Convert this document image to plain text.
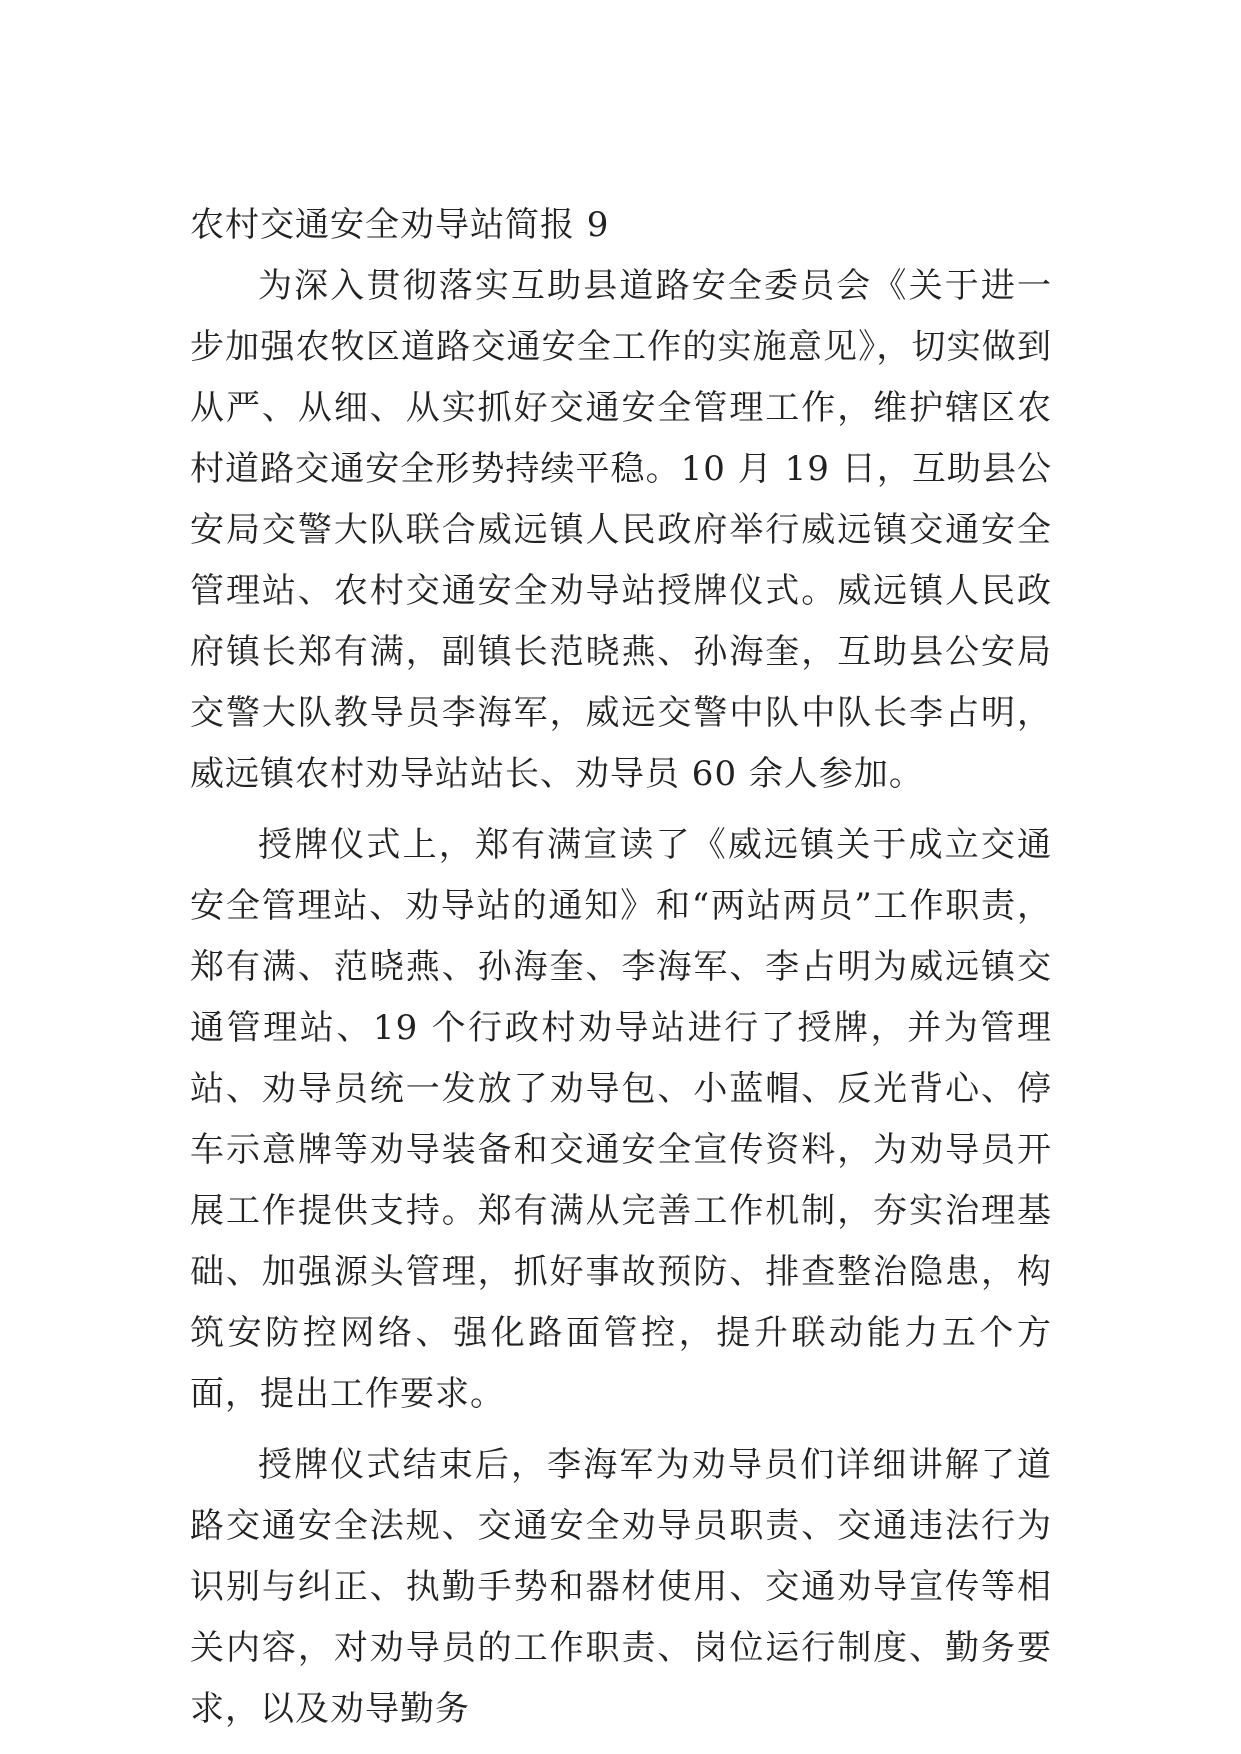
农村交通安全劝导站简报 9

为深入贯彻落实互助县道路安全委员会《关于进一步加强农牧区道路交通安全工作的实施意见》，切实做到从严、从细、从实抓好交通安全管理工作，维护辖区农村道路交通安全形势持续平稳。10 月 19 日，互助县公安局交警大队联合威远镇人民政府举行威远镇交通安全管理站、农村交通安全劝导站授牌仪式。威远镇人民政府镇长郑有满，副镇长范晓燕、孙海奎，互助县公安局交警大队教导员李海军，威远交警中队中队长李占明，威远镇农村劝导站站长、劝导员 60 余人参加。

授牌仪式上，郑有满宣读了《威远镇关于成立交通安全管理站、劝导站的通知》和“两站两员”工作职责，郑有满、范晓燕、孙海奎、李海军、李占明为威远镇交通管理站、19 个行政村劝导站进行了授牌，并为管理站、劝导员统一发放了劝导包、小蓝帽、反光背心、停车示意牌等劝导装备和交通安全宣传资料，为劝导员开展工作提供支持。郑有满从完善工作机制，夯实治理基础、加强源头管理，抓好事故预防、排查整治隐患，构筑安防控网络、强化路面管控，提升联动能力五个方面，提出工作要求。

授牌仪式结束后，李海军为劝导员们详细讲解了道路交通安全法规、交通安全劝导员职责、交通违法行为识别与纠正、执勤手势和器材使用、交通劝导宣传等相关内容，对劝导员的工作职责、岗位运行制度、勤务要求，以及劝导勤务
